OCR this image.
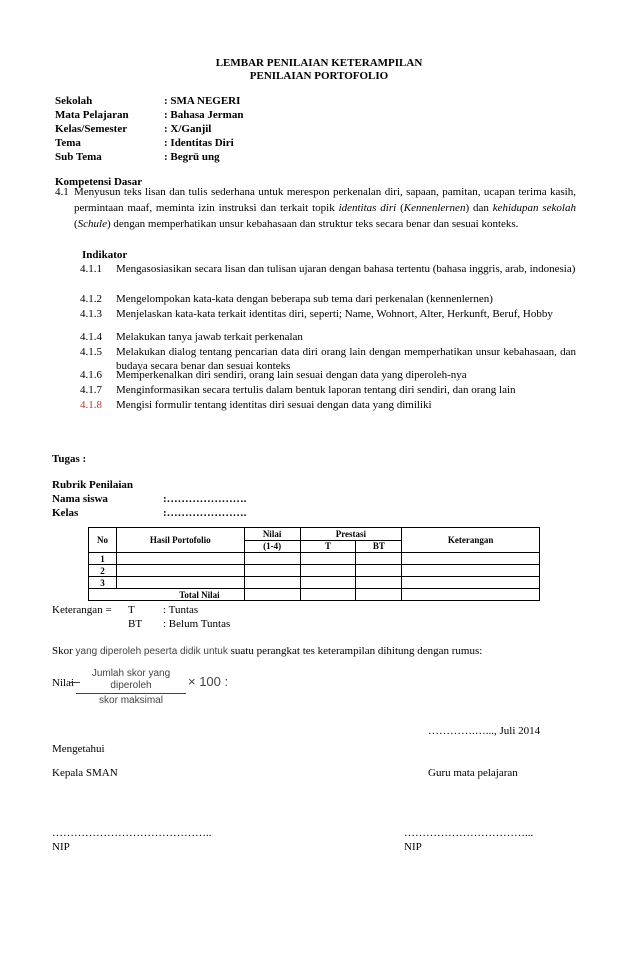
LEMBAR PENILAIAN KETERAMPILAN
PENILAIAN PORTOFOLIO
Sekolah	: SMA NEGERI
Mata Pelajaran	: Bahasa Jerman
Kelas/Semester	: X/Ganjil
Tema	: Identitas Diri
Sub Tema	: Begrü ung
Kompetensi Dasar
4.1 Menyusun teks lisan dan tulis sederhana untuk merespon perkenalan diri, sapaan, pamitan, ucapan terima kasih, permintaan maaf, meminta izin instruksi dan terkait topik identitas diri (Kennenlernen) dan kehidupan sekolah (Schule) dengan memperhatikan unsur kebahasaan dan struktur teks secara benar dan sesuai konteks.
Indikator
4.1.1	Mengasosiasikan secara lisan dan tulisan ujaran dengan bahasa tertentu (bahasa inggris, arab, indonesia)
4.1.2	Mengelompokan kata-kata dengan beberapa sub tema dari perkenalan (kennenlernen)
4.1.3	Menjelaskan kata-kata terkait identitas diri, seperti; Name, Wohnort, Alter, Herkunft, Beruf, Hobby
4.1.4	Melakukan tanya jawab terkait perkenalan
4.1.5	Melakukan dialog tentang pencarian data diri orang lain dengan memperhatikan unsur kebahasaan, dan budaya secara benar dan sesuai konteks
4.1.6	Memperkenalkan diri sendiri, orang lain sesuai dengan data yang diperoleh-nya
4.1.7	Menginformasikan secara tertulis dalam bentuk laporan tentang diri sendiri, dan orang lain
4.1.8	Mengisi formulir tentang identitas diri sesuai dengan data yang dimiliki
Tugas :
Rubrik Penilaian
Nama siswa	:………………….
Kelas	:………………….
No	Hasil Portofolio	Nilai	Prestasi		Keterangan
		(1-4)	T	BT	
1					
2					
3					
Total Nilai					
Keterangan = T	: Tuntas
BT : Belum Tuntas
Skor yang diperoleh peserta didik untuk suatu perangkat tes keterampilan dihitung dengan rumus:
Nilai
Jumlah skor yang diperoleh
skor maksimal
× 100 :
………….…..., Juli 2014
Mengetahui
Kepala SMAN	Guru mata pelajaran
……………………………………..	……………………………...
NIP	NIP
